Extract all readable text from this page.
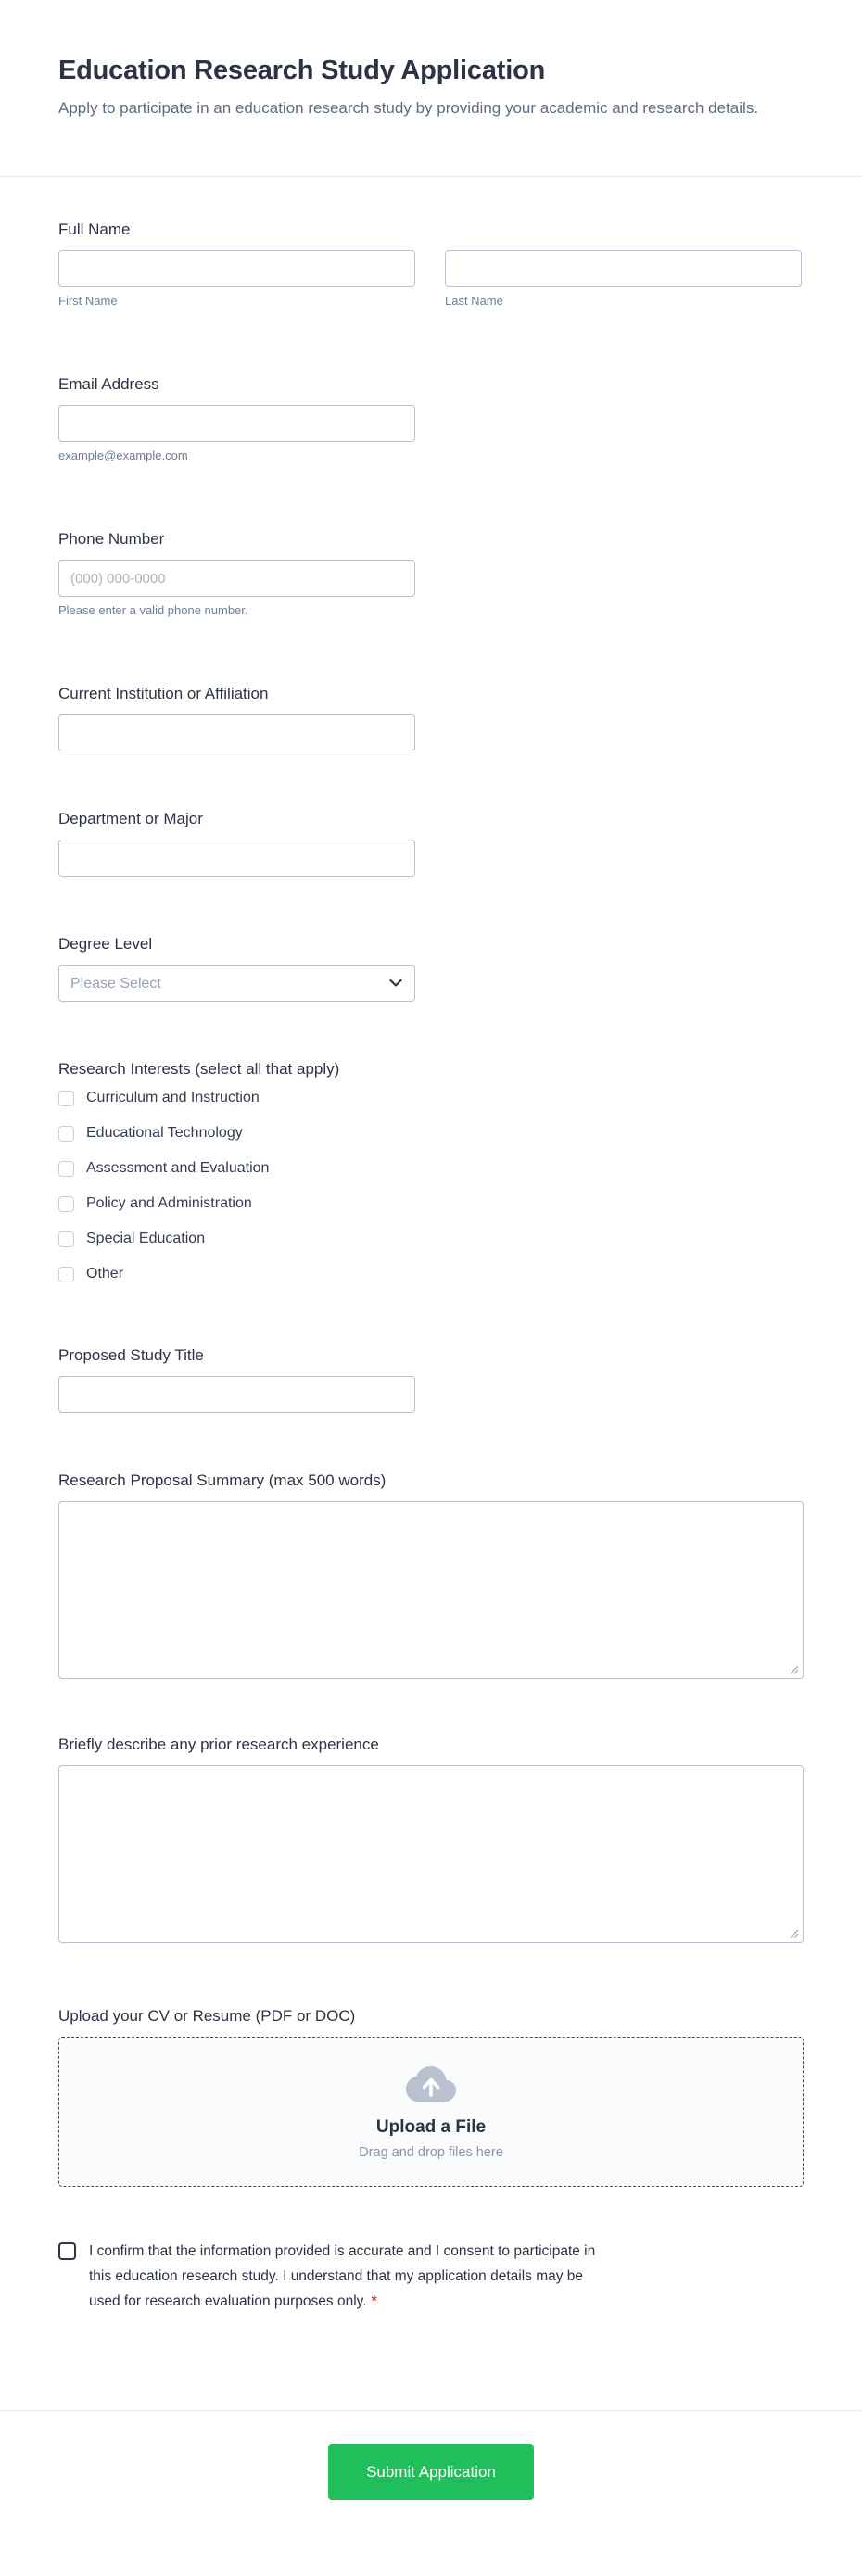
Education Research Study Application
Apply to participate in an education research study by providing your academic and research details.
Full Name
First Name	Last Name
Email Address
example@example.com
Phone Number
(000) 000-0000
Please enter a valid phone number.
Current Institution or Affiliation
Department or Major
Degree Level
Please Select
Research Interests (select all that apply)
Curriculum and Instruction
Educational Technology
Assessment and Evaluation
Policy and Administration
Special Education
Other
Proposed Study Title
Research Proposal Summary (max 500 words)
Briefly describe any prior research experience
Upload your CV or Resume (PDF or DOC)
Upload a File
Drag and drop files here
I confirm that the information provided is accurate and I consent to participate in this education research study. I understand that my application details may be used for research evaluation purposes only. *
Submit Application
